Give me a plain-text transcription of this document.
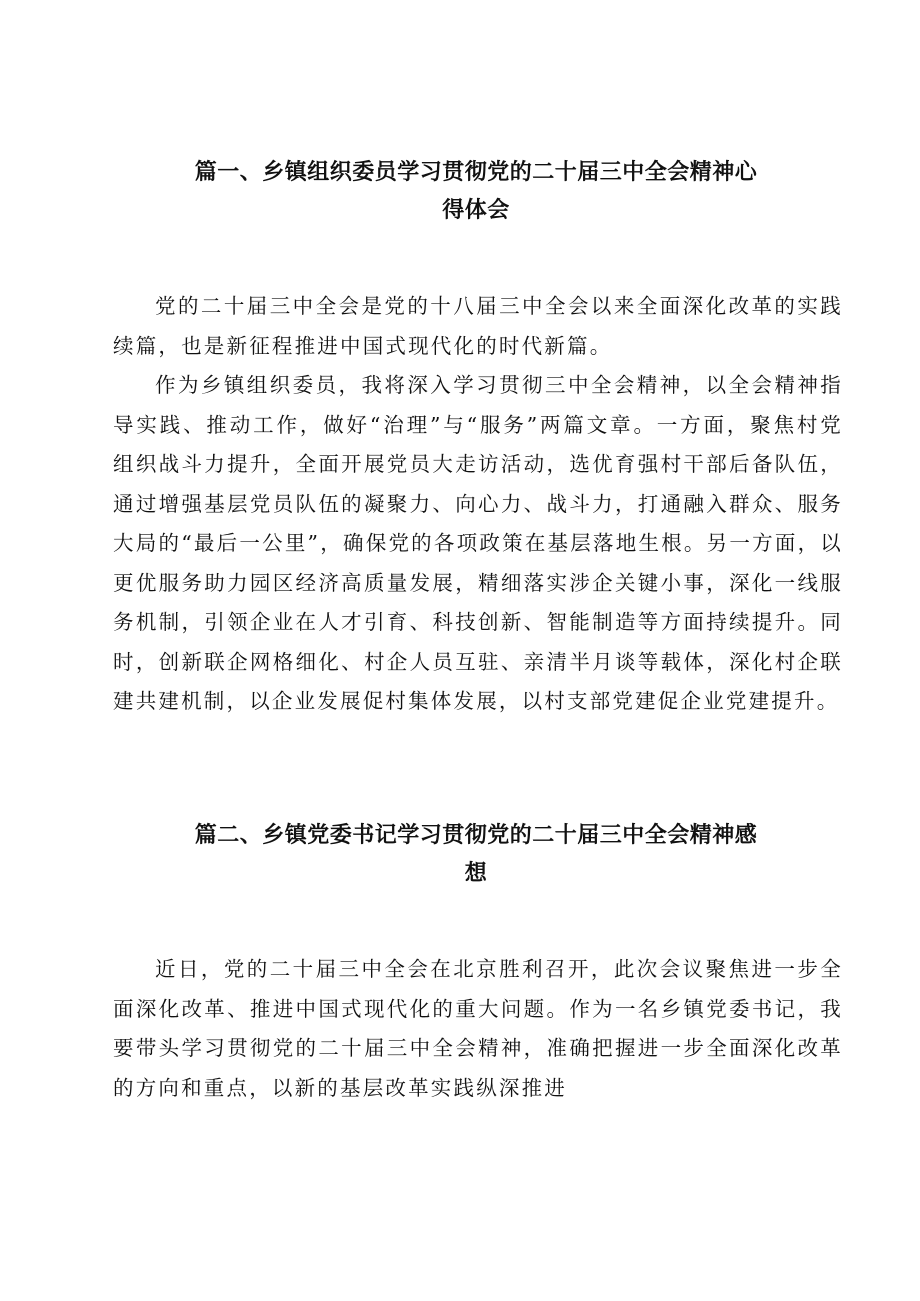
篇一、乡镇组织委员学习贯彻党的二十届三中全会精神心
得体会

党的二十届三中全会是党的十八届三中全会以来全面深化改革的实践续篇，也是新征程推进中国式现代化的时代新篇。

作为乡镇组织委员，我将深入学习贯彻三中全会精神，以全会精神指导实践、推动工作，做好“治理”与“服务”两篇文章。一方面，聚焦村党组织战斗力提升，全面开展党员大走访活动，选优育强村干部后备队伍，通过增强基层党员队伍的凝聚力、向心力、战斗力，打通融入群众、服务大局的“最后一公里”，确保党的各项政策在基层落地生根。另一方面，以更优服务助力园区经济高质量发展，精细落实涉企关键小事，深化一线服务机制，引领企业在人才引育、科技创新、智能制造等方面持续提升。同时，创新联企网格细化、村企人员互驻、亲清半月谈等载体，深化村企联建共建机制，以企业发展促村集体发展，以村支部党建促企业党建提升。

篇二、乡镇党委书记学习贯彻党的二十届三中全会精神感
想

近日，党的二十届三中全会在北京胜利召开，此次会议聚焦进一步全面深化改革、推进中国式现代化的重大问题。作为一名乡镇党委书记，我要带头学习贯彻党的二十届三中全会精神，准确把握进一步全面深化改革的方向和重点，以新的基层改革实践纵深推进
